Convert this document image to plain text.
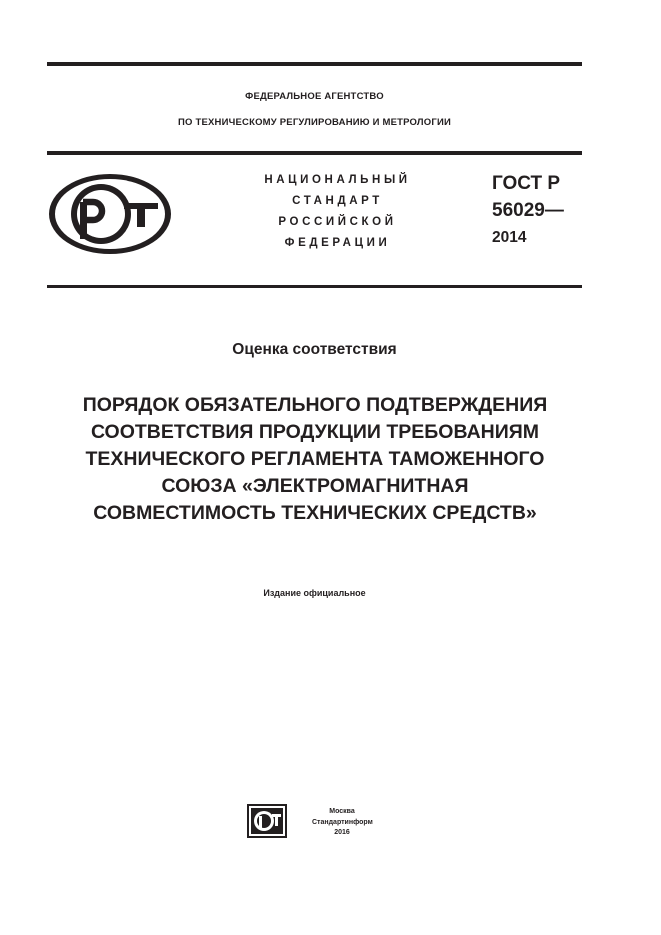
ФЕДЕРАЛЬНОЕ АГЕНТСТВО
ПО ТЕХНИЧЕСКОМУ РЕГУЛИРОВАНИЮ И МЕТРОЛОГИИ
НАЦИОНАЛЬНЫЙ
СТАНДАРТ
РОССИЙСКОЙ
ФЕДЕРАЦИИ
ГОСТ Р
56029—
2014
Оценка соответствия
ПОРЯДОК ОБЯЗАТЕЛЬНОГО ПОДТВЕРЖДЕНИЯ
СООТВЕТСТВИЯ ПРОДУКЦИИ ТРЕБОВАНИЯМ
ТЕХНИЧЕСКОГО РЕГЛАМЕНТА ТАМОЖЕННОГО
СОЮЗА «ЭЛЕКТРОМАГНИТНАЯ
СОВМЕСТИМОСТЬ ТЕХНИЧЕСКИХ СРЕДСТВ»
Издание официальное
Москва
Стандартинформ
2016
